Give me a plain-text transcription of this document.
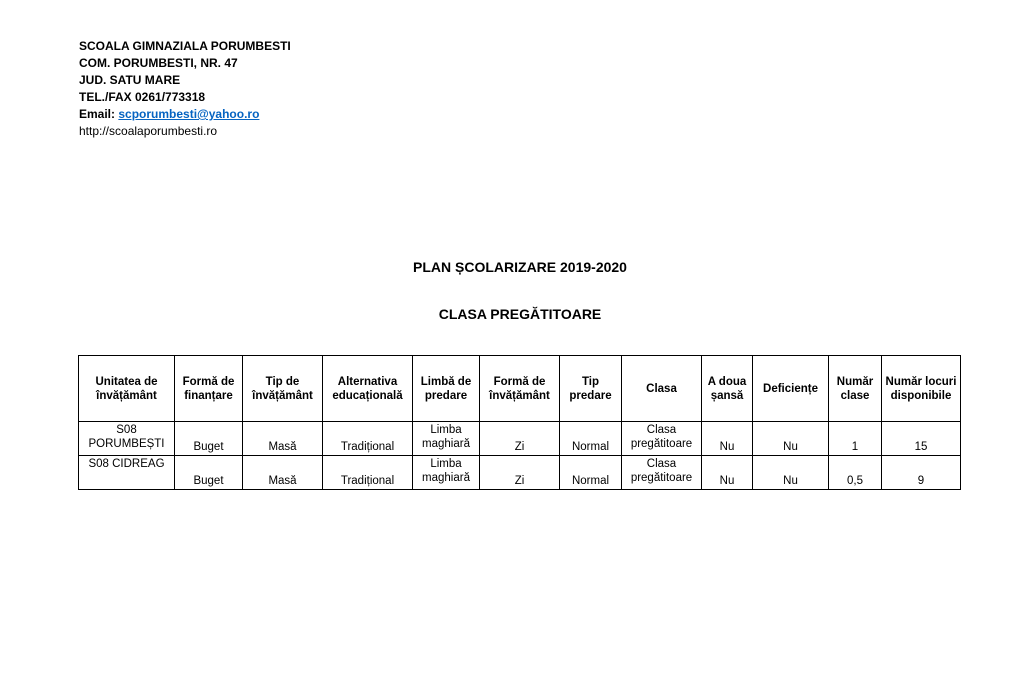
SCOALA GIMNAZIALA PORUMBESTI
COM. PORUMBESTI, NR. 47
JUD. SATU MARE
TEL./FAX 0261/773318
Email: scporumbesti@yahoo.ro
http://scoalaporumbesti.ro
PLAN ȘCOLARIZARE 2019-2020
CLASA PREGĂTITOARE
Unitatea de învățământ	Formă de finanțare	Tip de învățământ	Alternativa educațională	Limbă de predare	Formă de învățământ	Tip predare	Clasa	A doua șansă	Deficiențe	Număr clase	Număr locuri disponibile
S08 PORUMBEȘTI	Buget	Masă	Tradițional	Limba maghiară	Zi	Normal	Clasa pregătitoare	Nu	Nu	1	15
S08 CIDREAG	Buget	Masă	Tradițional	Limba maghiară	Zi	Normal	Clasa pregătitoare	Nu	Nu	0,5	9
